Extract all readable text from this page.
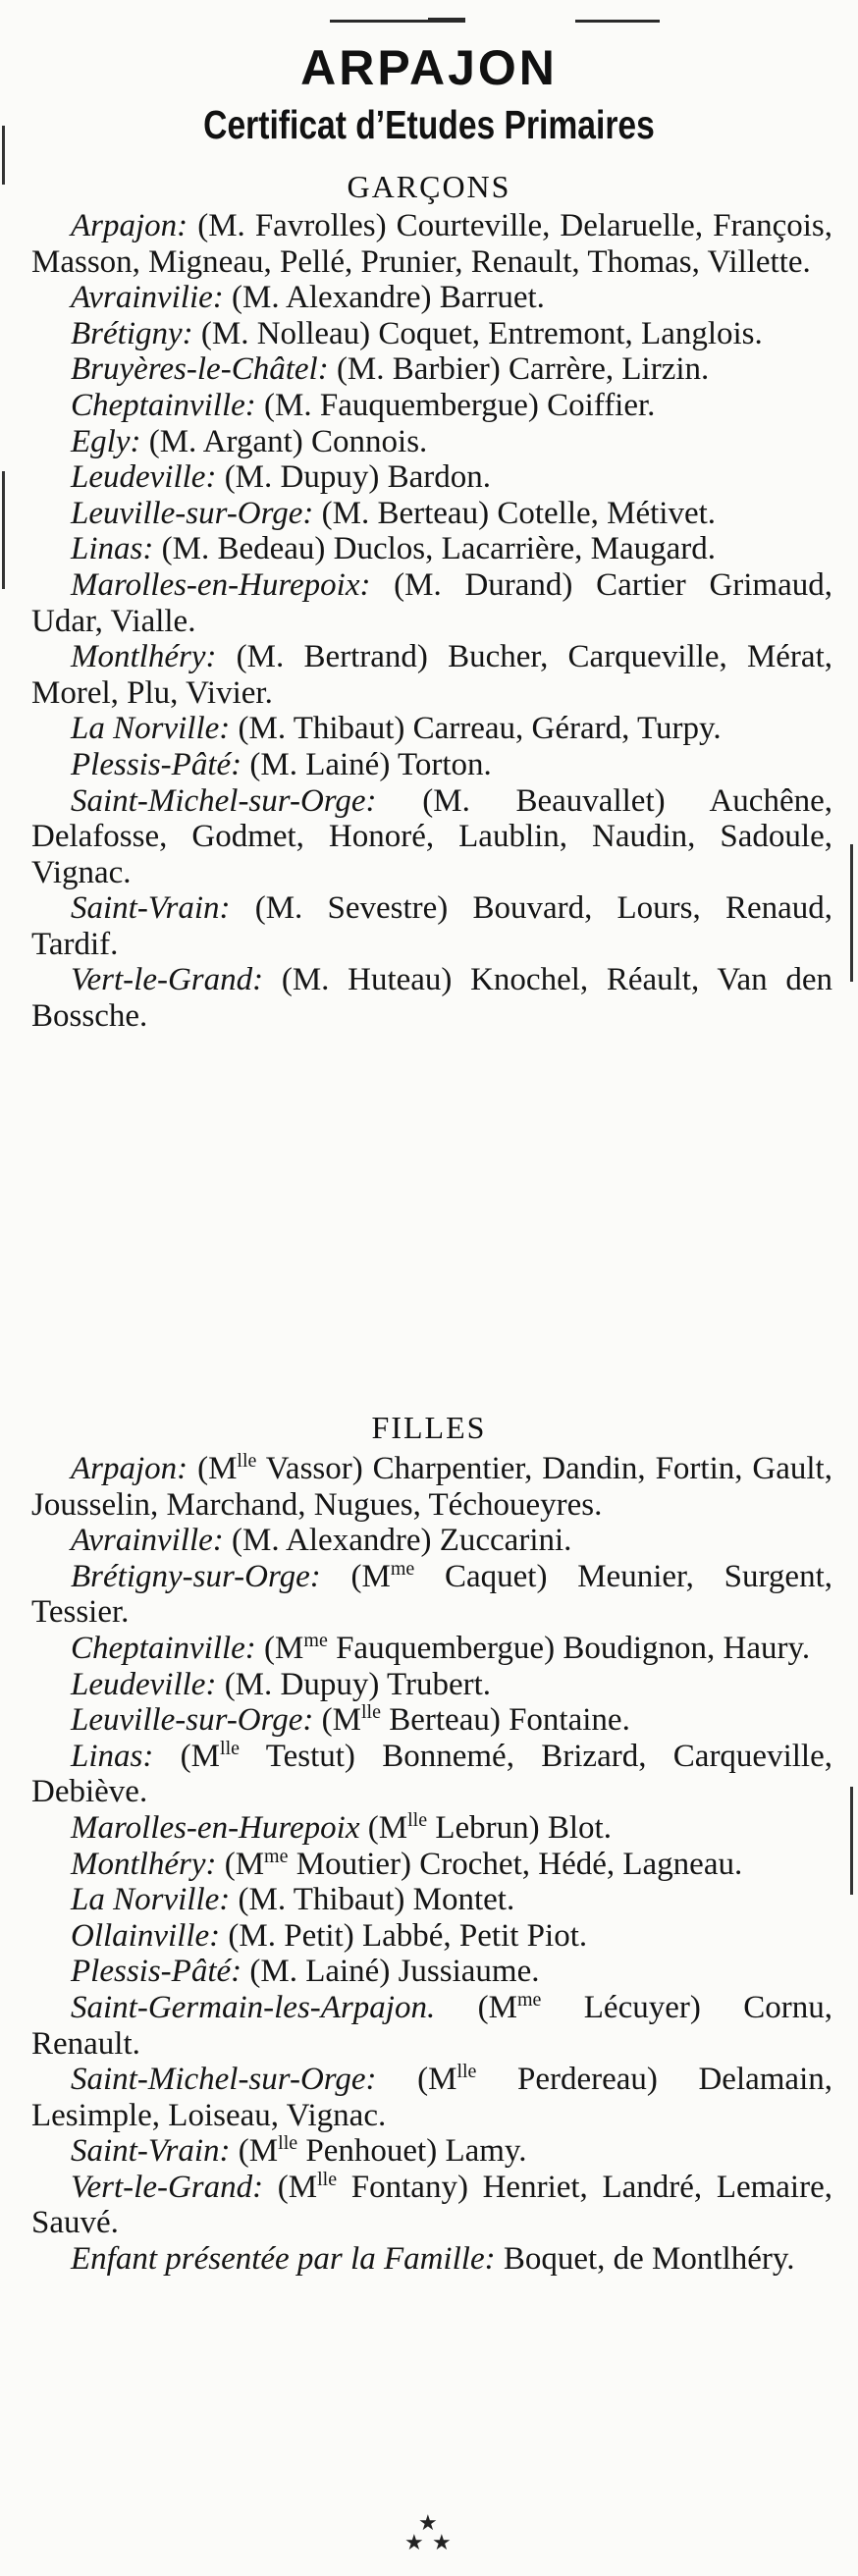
ARPAJON
Certificat d’Etudes Primaires
GARÇONS

Arpajon: (M. Favrolles) Courteville, Delaruelle, François, Masson, Migneau, Pellé, Prunier, Renault, Thomas, Villette.

Avrainvilie: (M. Alexandre) Barruet.

Brétigny: (M. Nolleau) Coquet, Entremont, Langlois.

Bruyères-le-Châtel: (M. Barbier) Carrère, Lirzin.

Cheptainville: (M. Fauquembergue) Coiffier.

Egly: (M. Argant) Connois.

Leudeville: (M. Dupuy) Bardon.

Leuville-sur-Orge: (M. Berteau) Cotelle, Métivet.

Linas: (M. Bedeau) Duclos, Lacarrière, Maugard.

Marolles-en-Hurepoix: (M. Durand) Cartier Grimaud, Udar, Vialle.

Montlhéry: (M. Bertrand) Bucher, Carqueville, Mérat, Morel, Plu, Vivier.

La Norville: (M. Thibaut) Carreau, Gérard, Turpy.

Plessis-Pâté: (M. Lainé) Torton.

Saint-Michel-sur-Orge: (M. Beauvallet) Auchêne, Delafosse, Godmet, Honoré, Laublin, Naudin, Sadoule, Vignac.

Saint-Vrain: (M. Sevestre) Bouvard, Lours, Renaud, Tardif.

Vert-le-Grand: (M. Huteau) Knochel, Réault, Van den Bossche.

FILLES

Arpajon: ($M^{lle}$ Vassor) Charpentier, Dandin, Fortin, Gault, Jousselin, Marchand, Nugues, Téchoueyres.

Avrainville: (M. Alexandre) Zuccarini.

Brétigny-sur-Orge: ($M^{me}$ Caquet) Meunier, Surgent, Tessier.

Cheptainville: ($M^{me}$ Fauquembergue) Boudignon, Haury.

Leudeville: (M. Dupuy) Trubert.

Leuville-sur-Orge: ($M^{lle}$ Berteau) Fontaine.

Linas: ($M^{lle}$ Testut) Bonnemé, Brizard, Carqueville, Debiève.

Marolles-en-Hurepoix ($M^{lle}$ Lebrun) Blot.

Montlhéry: ($M^{me}$ Moutier) Crochet, Hédé, Lagneau.

La Norville: (M. Thibaut) Montet.

Ollainville: (M. Petit) Labbé, Petit Piot.

Plessis-Pâté: (M. Lainé) Jussiaume.

Saint-Germain-les-Arpajon. ($M^{me}$ Lécuyer) Cornu, Renault.

Saint-Michel-sur-Orge: ($M^{lle}$ Perdereau) Delamain, Lesimple, Loiseau, Vignac.

Saint-Vrain: ($M^{lle}$ Penhouet) Lamy.

Vert-le-Grand: ($M^{lle}$ Fontany) Henriet, Landré, Lemaire, Sauvé.

Enfant présentée par la Famille: Boquet, de Montlhéry.

★
★ ★
